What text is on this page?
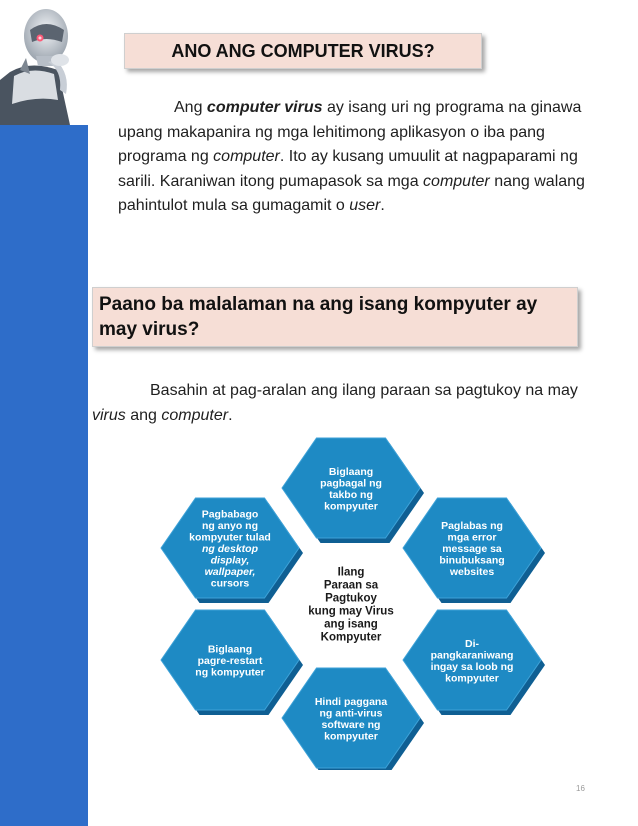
ANO ANG COMPUTER VIRUS?

Ang computer virus ay isang uri ng programa na ginawa upang makapanira ng mga lehitimong aplikasyon o iba pang programa ng computer. Ito ay kusang umuulit at nagpaparami ng sarili. Karaniwan itong pumapasok sa mga computer nang walang pahintulot mula sa gumagamit o user.

Paano ba malalaman na ang isang kompyuter ay may virus?

Basahin at pag-aralan ang ilang paraan sa pagtukoy na may virus ang computer.

Biglaang
pagbagal ng
takbo ng
kompyuter
Paglabas ng
mga error
message sa
binubuksang
websites
Di-
pangkaraniwang
ingay sa loob ng
kompyuter
Hindi paggana
ng anti-virus
software ng
kompyuter
Biglaang
pagre-restart
ng kompyuter
Pagbabago
ng anyo ng
kompyuter tulad
ng desktop
display,
wallpaper,
cursors
Ilang
Paraan sa
Pagtukoy
kung may Virus
ang isang
Kompyuter
16
